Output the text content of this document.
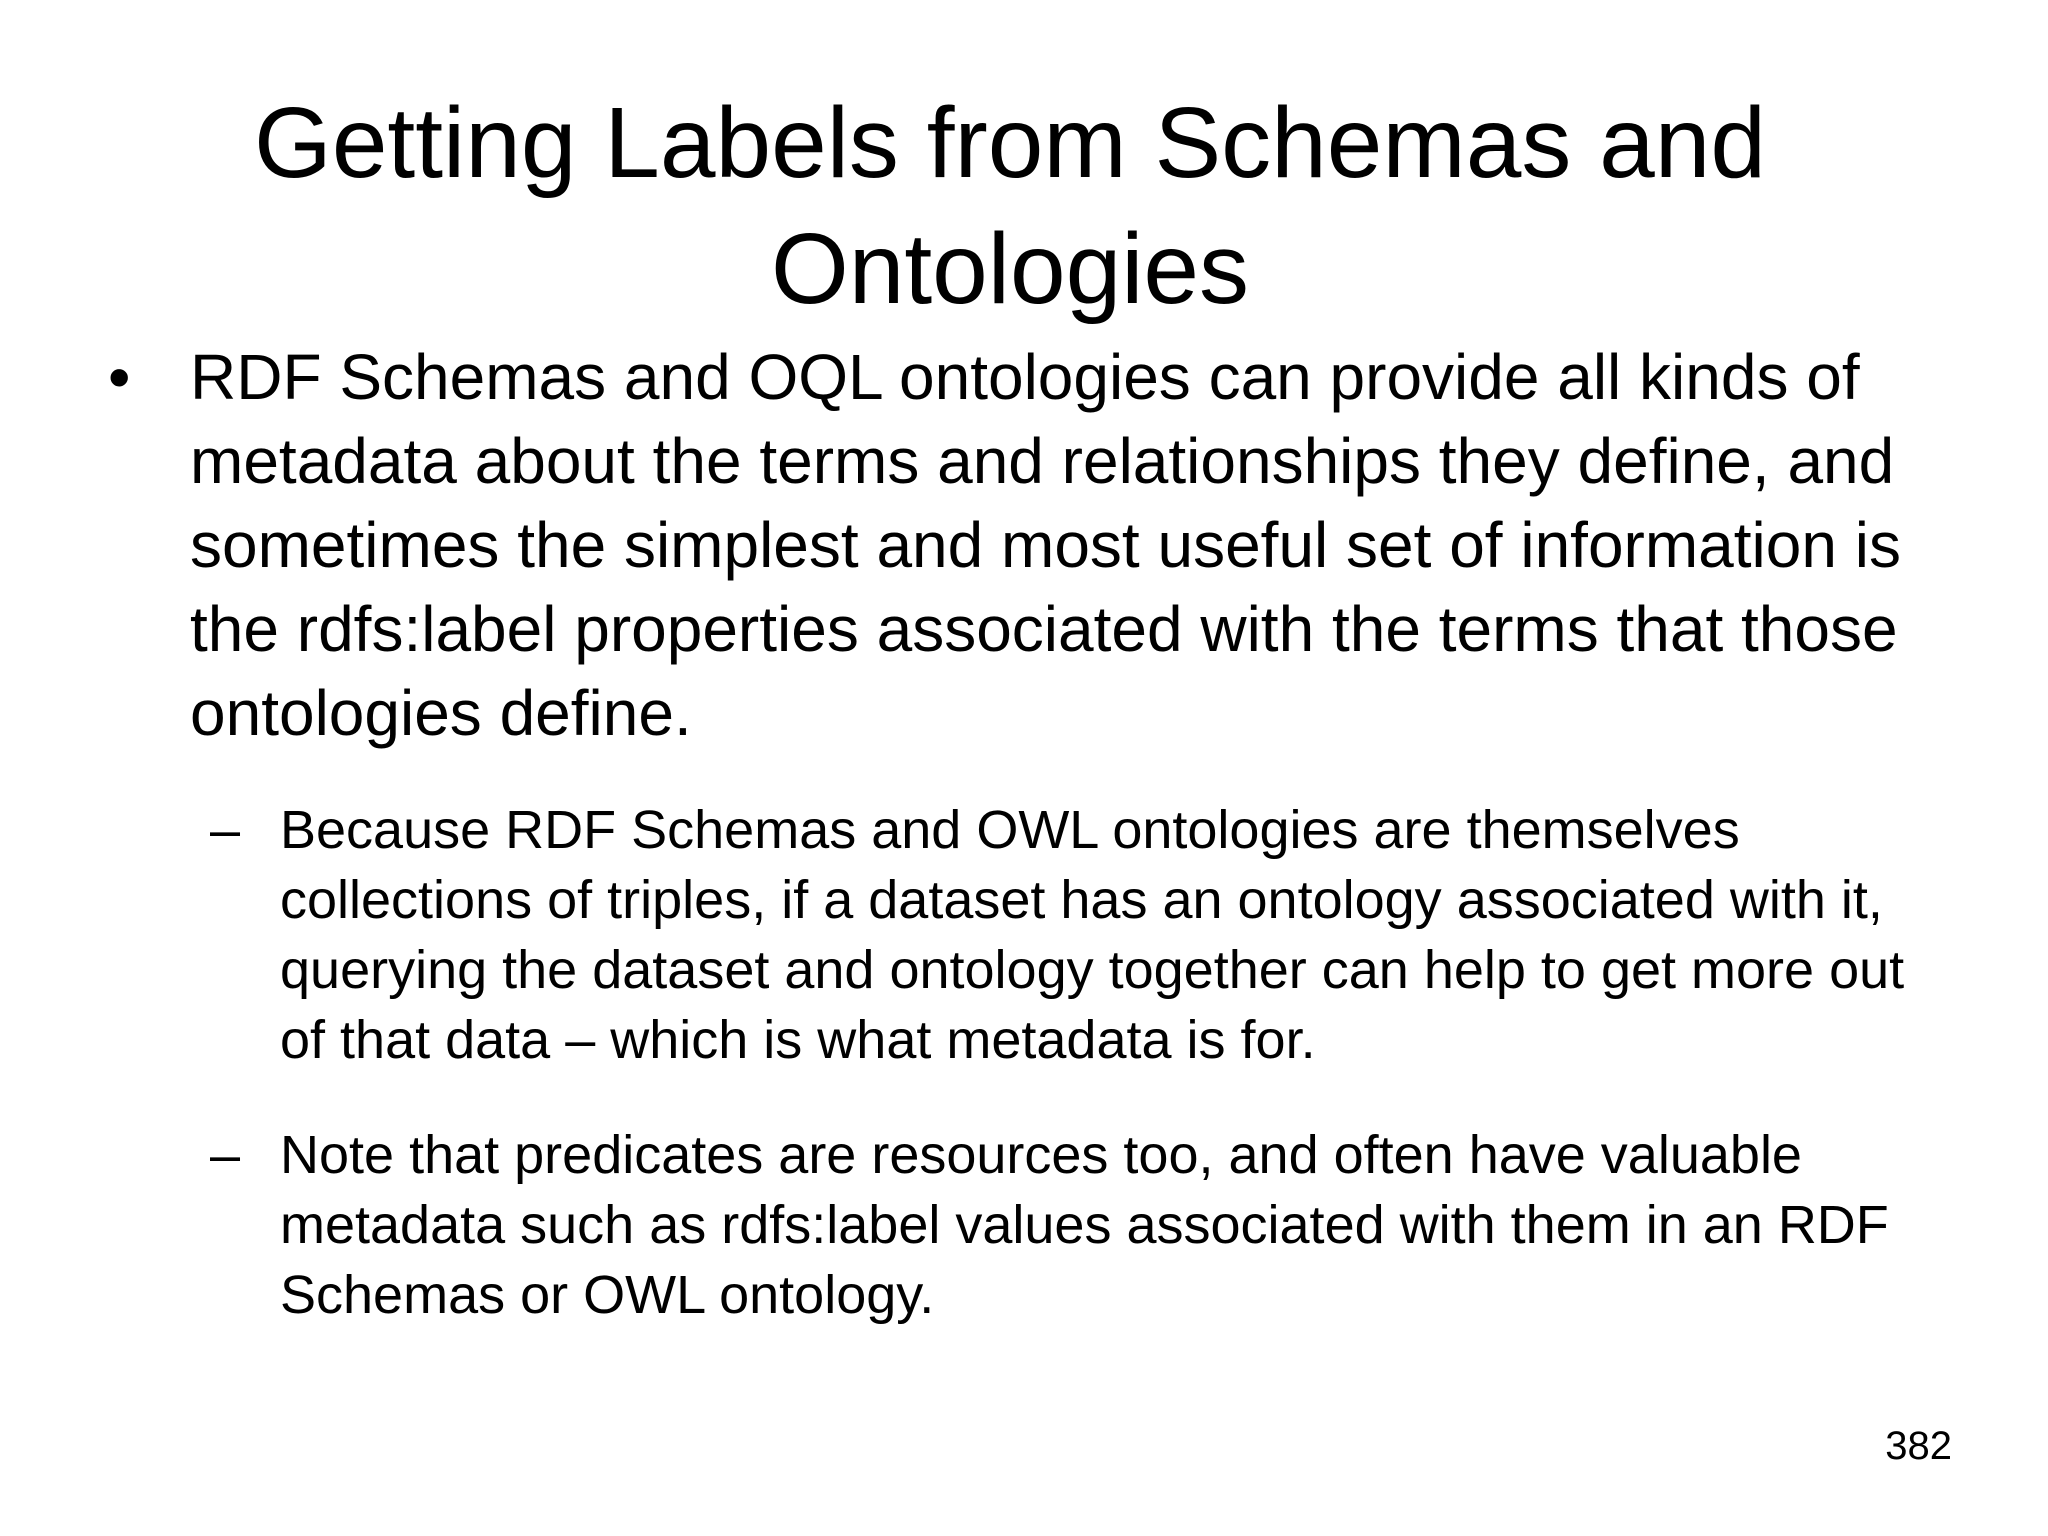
Getting Labels from Schemas and Ontologies
• RDF Schemas and OQL ontologies can provide all kinds of metadata about the terms and relationships they define, and sometimes the simplest and most useful set of information is the rdfs:label properties associated with the terms that those ontologies define.
– Because RDF Schemas and OWL ontologies are themselves collections of triples, if a dataset has an ontology associated with it, querying the dataset and ontology together can help to get more out of that data – which is what metadata is for.
– Note that predicates are resources too, and often have valuable metadata such as rdfs:label values associated with them in an RDF Schemas or OWL ontology.
382
